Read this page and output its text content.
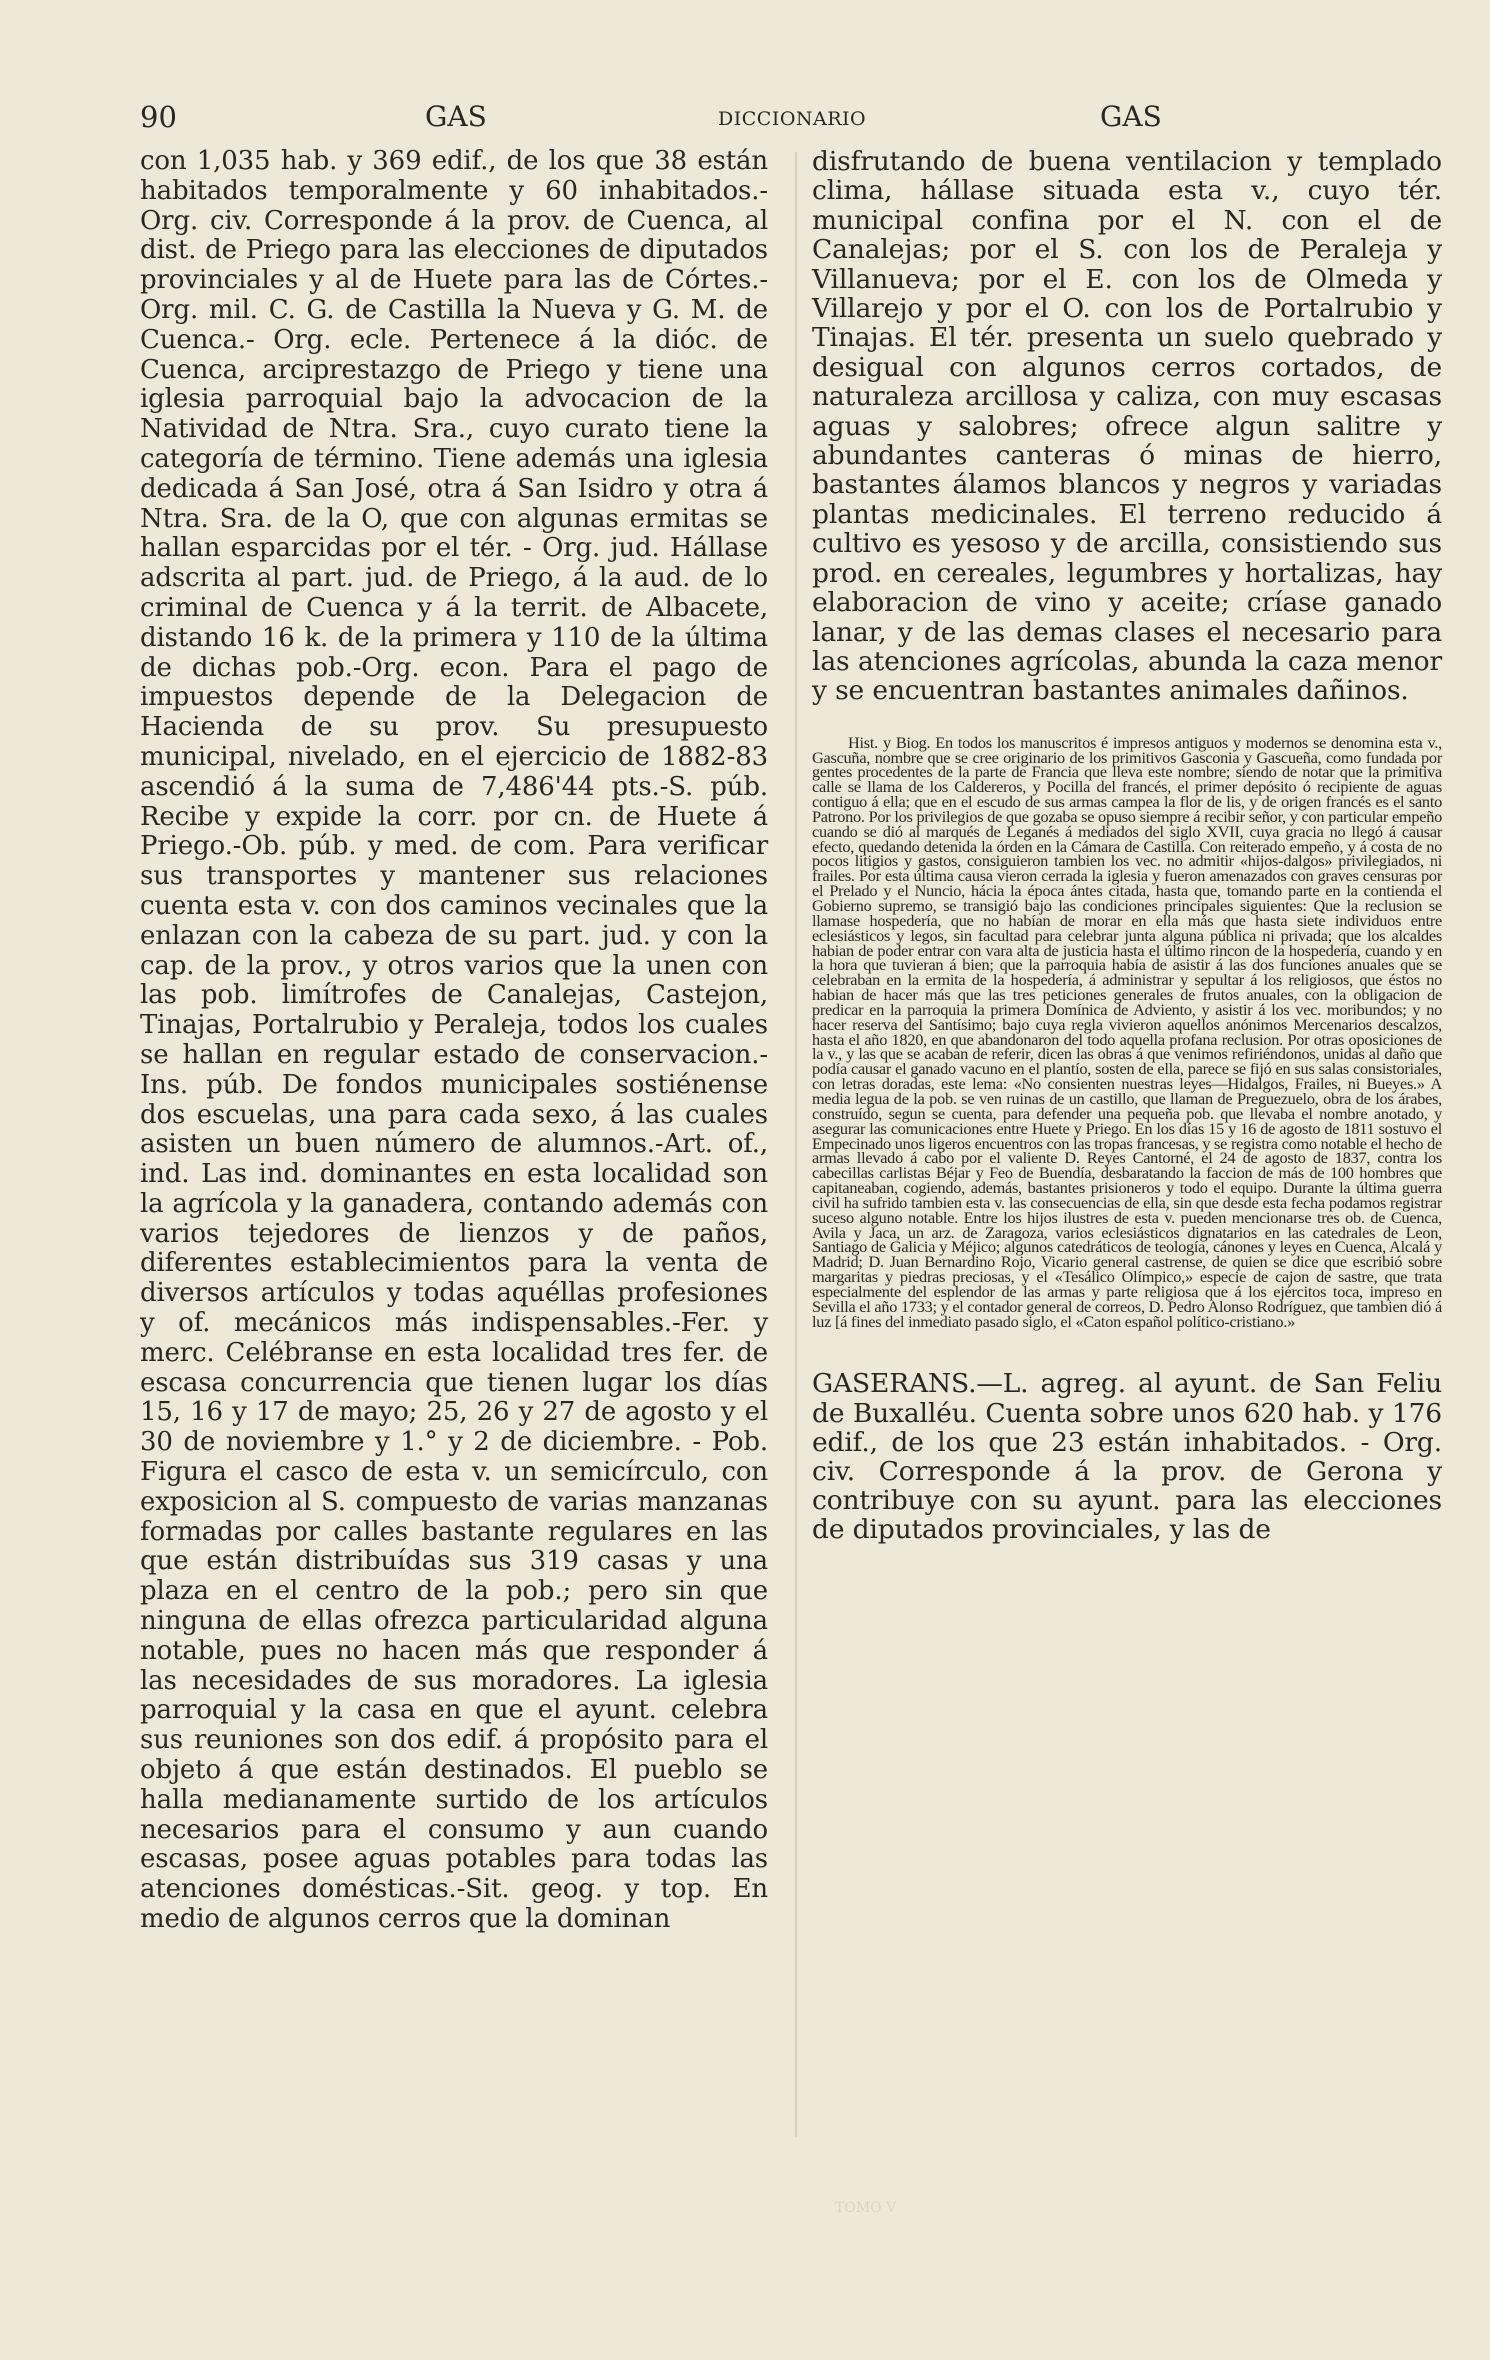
90	GAS	DICCIONARIO	GAS

con 1,035 hab. y 369 edif., de los que 38 están habitados temporalmente y 60 inhabitados.-Org. civ. Corresponde á la prov. de Cuenca, al dist. de Priego para las elecciones de diputados provinciales y al de Huete para las de Córtes.-Org. mil. C. G. de Castilla la Nueva y G. M. de Cuenca.- Org. ecle. Pertenece á la dióc. de Cuenca, arciprestazgo de Priego y tiene una iglesia parroquial bajo la advocacion de la Natividad de Ntra. Sra., cuyo curato tiene la categoría de término. Tiene además una iglesia dedicada á San José, otra á San Isidro y otra á Ntra. Sra. de la O, que con algunas ermitas se hallan esparcidas por el tér. - Org. jud. Hállase adscrita al part. jud. de Priego, á la aud. de lo criminal de Cuenca y á la territ. de Albacete, distando 16 k. de la primera y 110 de la última de dichas pob.-Org. econ. Para el pago de impuestos depende de la Delegacion de Hacienda de su prov. Su presupuesto municipal, nivelado, en el ejercicio de 1882-83 ascendió á la suma de 7,486'44 pts.-S. púb. Recibe y expide la corr. por cn. de Huete á Priego.-Ob. púb. y med. de com. Para verificar sus transportes y mantener sus relaciones cuenta esta v. con dos caminos vecinales que la enlazan con la cabeza de su part. jud. y con la cap. de la prov., y otros varios que la unen con las pob. limítrofes de Canalejas, Castejon, Tinajas, Portalrubio y Peraleja, todos los cuales se hallan en regular estado de conservacion.-Ins. púb. De fondos municipales sostiénense dos escuelas, una para cada sexo, á las cuales asisten un buen número de alumnos.-Art. of., ind. Las ind. dominantes en esta localidad son la agrícola y la ganadera, contando además con varios tejedores de lienzos y de paños, diferentes establecimientos para la venta de diversos artículos y todas aquéllas profesiones y of. mecánicos más indispensables.-Fer. y merc. Celébranse en esta localidad tres fer. de escasa concurrencia que tienen lugar los días 15, 16 y 17 de mayo; 25, 26 y 27 de agosto y el 30 de noviembre y 1.° y 2 de diciembre. - Pob. Figura el casco de esta v. un semicírculo, con exposicion al S. compuesto de varias manzanas formadas por calles bastante regulares en las que están distribuídas sus 319 casas y una plaza en el centro de la pob.; pero sin que ninguna de ellas ofrezca particularidad alguna notable, pues no hacen más que responder á las necesidades de sus moradores. La iglesia parroquial y la casa en que el ayunt. celebra sus reuniones son dos edif. á propósito para el objeto á que están destinados. El pueblo se halla medianamente surtido de los artículos necesarios para el consumo y aun cuando escasas, posee aguas potables para todas las atenciones domésticas.-Sit. geog. y top. En medio de algunos cerros que la dominan

disfrutando de buena ventilacion y templado clima, hállase situada esta v., cuyo tér. municipal confina por el N. con el de Canalejas; por el S. con los de Peraleja y Villanueva; por el E. con los de Olmeda y Villarejo y por el O. con los de Portalrubio y Tinajas. El tér. presenta un suelo quebrado y desigual con algunos cerros cortados, de naturaleza arcillosa y caliza, con muy escasas aguas y salobres; ofrece algun salitre y abundantes canteras ó minas de hierro, bastantes álamos blancos y negros y variadas plantas medicinales. El terreno reducido á cultivo es yesoso y de arcilla, consistiendo sus prod. en cereales, legumbres y hortalizas, hay elaboracion de vino y aceite; críase ganado lanar, y de las demas clases el necesario para las atenciones agrícolas, abunda la caza menor y se encuentran bastantes animales dañinos.

Hist. y Biog. En todos los manuscritos é impresos antiguos y modernos se denomina esta v., Gascuña, nombre que se cree originario de los primitivos Gasconia y Gascueña, como fundada por gentes procedentes de la parte de Francia que lleva este nombre; siendo de notar que la primitiva calle se llama de los Caldereros, y Pocilla del francés, el primer depósito ó recipiente de aguas contiguo á ella; que en el escudo de sus armas campea la flor de lis, y de origen francés es el santo Patrono. Por los privilegios de que gozaba se opuso siempre á recibir señor, y con particular empeño cuando se dió al marqués de Leganés á mediados del siglo XVII, cuya gracia no llegó á causar efecto, quedando detenida la órden en la Cámara de Castilla. Con reiterado empeño, y á costa de no pocos litigios y gastos, consiguieron tambien los vec. no admitir «hijos-dalgos» privilegiados, ni frailes. Por esta última causa vieron cerrada la iglesia y fueron amenazados con graves censuras por el Prelado y el Nuncio, hácia la época ántes citada, hasta que, tomando parte en la contienda el Gobierno supremo, se transigió bajo las condiciones principales siguientes: Que la reclusion se llamase hospedería, que no habían de morar en ella más que hasta siete individuos entre eclesiásticos y legos, sin facultad para celebrar junta alguna pública ni privada; que los alcaldes habian de poder entrar con vara alta de justicia hasta el último rincon de la hospedería, cuando y en la hora que tuvieran á bien; que la parroquia había de asistir á las dos funciones anuales que se celebraban en la ermita de la hospedería, á administrar y sepultar á los religiosos, que éstos no habian de hacer más que las tres peticiones generales de frutos anuales, con la obligacion de predicar en la parroquia la primera Domínica de Adviento, y asistir á los vec. moribundos; y no hacer reserva del Santísimo; bajo cuya regla vivieron aquellos anónimos Mercenarios descalzos, hasta el año 1820, en que abandonaron del todo aquella profana reclusion. Por otras oposiciones de la v., y las que se acaban de referir, dicen las obras á que venimos refiriéndonos, unidas al daño que podía causar el ganado vacuno en el plantío, sosten de ella, parece se fijó en sus salas consistoriales, con letras doradas, este lema: «No consienten nuestras leyes—Hidalgos, Frailes, ni Bueyes.» A media legua de la pob. se ven ruinas de un castillo, que llaman de Preguezuelo, obra de los árabes, construído, segun se cuenta, para defender una pequeña pob. que llevaba el nombre anotado, y asegurar las comunicaciones entre Huete y Priego. En los días 15 y 16 de agosto de 1811 sostuvo el Empecinado unos ligeros encuentros con las tropas francesas, y se registra como notable el hecho de armas llevado á cabo por el valiente D. Reyes Cantorné, el 24 de agosto de 1837, contra los cabecillas carlistas Béjar y Feo de Buendía, desbaratando la faccion de más de 100 hombres que capitaneaban, cogiendo, además, bastantes prisioneros y todo el equipo. Durante la última guerra civil ha sufrido tambien esta v. las consecuencias de ella, sin que desde esta fecha podamos registrar suceso alguno notable. Entre los hijos ilustres de esta v. pueden mencionarse tres ob. de Cuenca, Avila y Jaca, un arz. de Zaragoza, varios eclesiásticos dignatarios en las catedrales de Leon, Santiago de Galicia y Méjico; algunos catedráticos de teología, cánones y leyes en Cuenca, Alcalá y Madrid; D. Juan Bernardino Rojo, Vicario general castrense, de quien se dice que escribió sobre margaritas y piedras preciosas, y el «Tesálico Olímpico,» especie de cajon de sastre, que trata especialmente del esplendor de las armas y parte religiosa que á los ejércitos toca, impreso en Sevilla el año 1733; y el contador general de correos, D. Pedro Alonso Rodríguez, que tambien dió á luz [á fines del inmediato pasado siglo, el «Caton español político-cristiano.»

GASERANS.—L. agreg. al ayunt. de San Feliu de Buxalléu. Cuenta sobre unos 620 hab. y 176 edif., de los que 23 están inhabitados. - Org. civ. Corresponde á la prov. de Gerona y contribuye con su ayunt. para las elecciones de diputados provinciales, y las de

TOMO V
